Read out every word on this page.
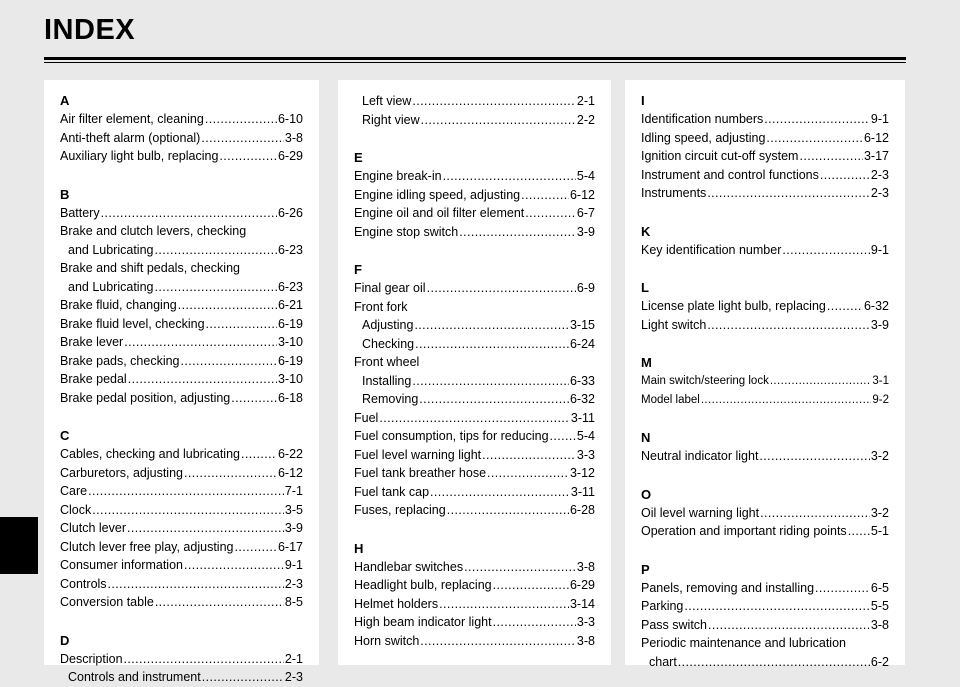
INDEX
A
Air filter element, cleaning .....	6-10
Anti-theft alarm (optional) .....	3-8
Auxiliary light bulb, replacing .....	6-29
B
Battery .....	6-26
Brake and clutch levers, checking
and Lubricating .....	6-23
Brake and shift pedals, checking
and Lubricating .....	6-23
Brake fluid, changing .....	6-21
Brake fluid level, checking .....	6-19
Brake lever .....	3-10
Brake pads, checking .....	6-19
Brake pedal .....	3-10
Brake pedal position, adjusting .....	6-18
C
Cables, checking and lubricating .....	6-22
Carburetors, adjusting .....	6-12
Care .....	7-1
Clock .....	3-5
Clutch lever .....	3-9
Clutch lever free play, adjusting .....	6-17
Consumer information .....	9-1
Controls .....	2-3
Conversion table .....	8-5
D
Description .....	2-1
Controls and instrument .....	2-3
Left view .....	2-1
Right view .....	2-2
E
Engine break-in .....	5-4
Engine idling speed, adjusting .....	6-12
Engine oil and oil filter element .....	6-7
Engine stop switch .....	3-9
F
Final gear oil .....	6-9
Front fork
Adjusting .....	3-15
Checking .....	6-24
Front wheel
Installing .....	6-33
Removing .....	6-32
Fuel .....	3-11
Fuel consumption, tips for reducing ..... 5-4
Fuel level warning light .....	3-3
Fuel tank breather hose .....	3-12
Fuel tank cap .....	3-11
Fuses, replacing .....	6-28
H
Handlebar switches .....	3-8
Headlight bulb, replacing .....	6-29
Helmet holders .....	3-14
High beam indicator light .....	3-3
Horn switch .....	3-8
I
Identification numbers .....	9-1
Idling speed, adjusting .....	6-12
Ignition circuit cut-off system .....	3-17
Instrument and control functions .....	2-3
Instruments .....	2-3
K
Key identification number .....	9-1
L
License plate light bulb, replacing .....	6-32
Light switch .....	3-9
M
Main switch/steering lock .....	3-1
Model label .....	9-2
N
Neutral indicator light .....	3-2
O
Oil level warning light .....	3-2
Operation and important riding points ..... 5-1
P
Panels, removing and installing .....	6-5
Parking .....	5-5
Pass switch .....	3-8
Periodic maintenance and lubrication
chart .....	6-2
